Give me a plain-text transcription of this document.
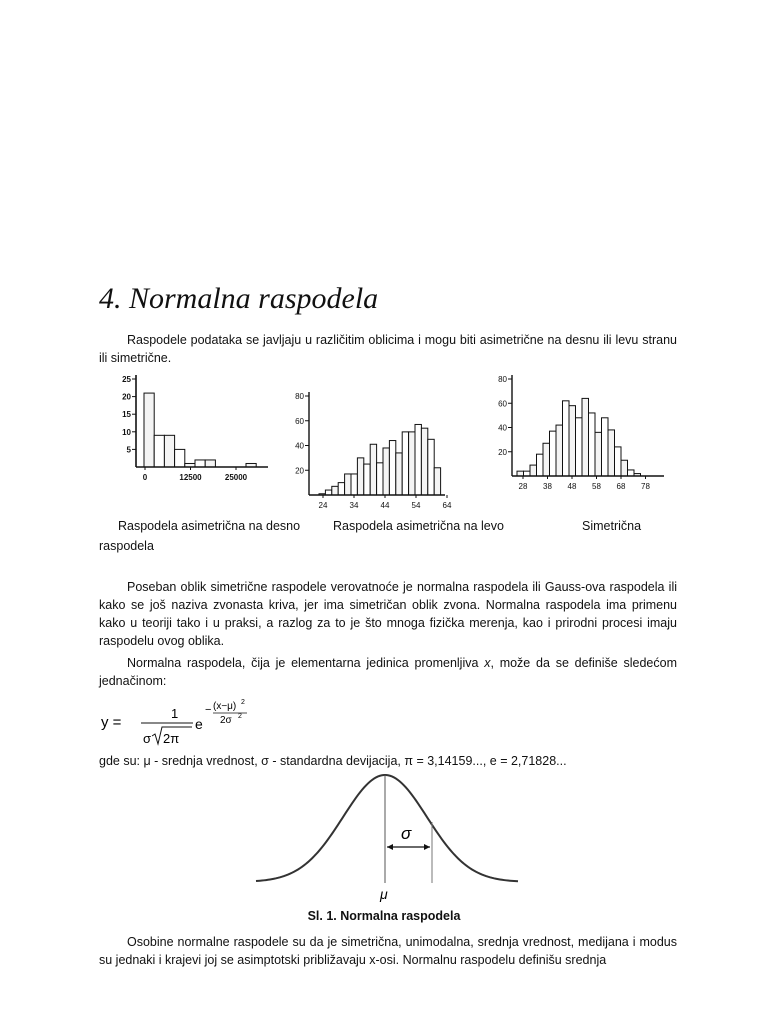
4. Normalna raspodela

Raspodele podataka se javljaju u različitim oblicima i mogu biti asimetrične na desnu ili levu stranu ili simetrične.

5
10
15
20
25
0	12500	25000
20
40
60
80
24	34	44	54	64
20
40
60
80
28 38 48 58 68 78
Raspodela asimetrična na desno
raspodela
Raspodela asimetrična na levo	Simetrična

Poseban oblik simetrične raspodele verovatnoće je normalna raspodela ili Gauss-ova raspodela ili kako se još naziva zvonasta kriva, jer ima simetričan oblik zvona. Normalna raspodela ima primenu kako u teoriji tako i u praksi, a razlog za to je što mnoga fizička merenja, kao i prirodni procesi imaju raspodelu ovog oblika.

Normalna raspodela, čija je elementarna jedinica promenljiva x, može da se definiše sledećom jednačinom:

y =
1
σ 2π
e
− (x−μ) 2
2σ 2

gde su: μ - srednja vrednost, σ - standardna devijacija, π = 3,14159..., e = 2,71828...

σ
μ
Sl. 1. Normalna raspodela

Osobine normalne raspodele su da je simetrična, unimodalna, srednja vrednost, medijana i modus su jednaki i krajevi joj se asimptotski približavaju x-osi. Normalnu raspodelu definišu srednja
